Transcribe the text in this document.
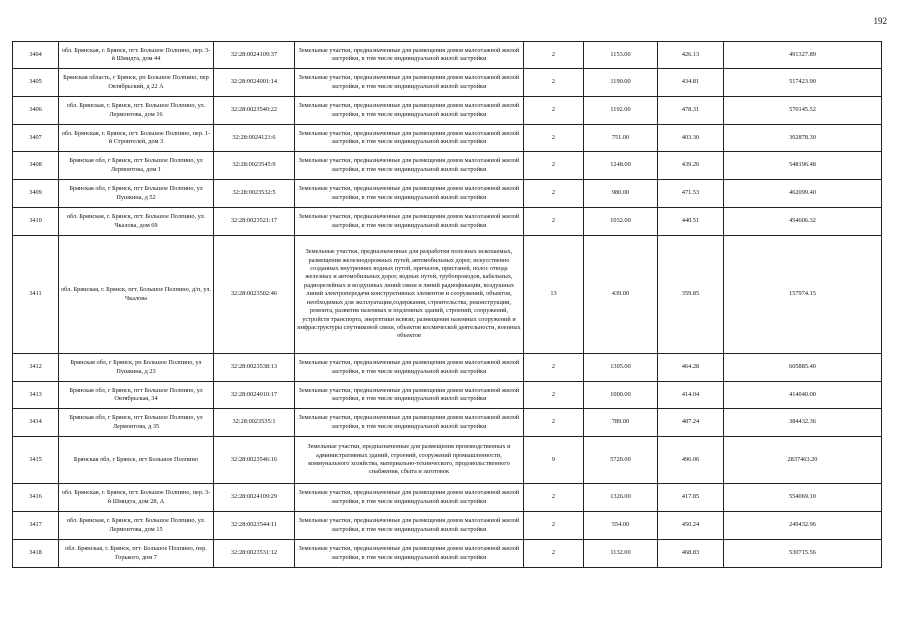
192
3404	обл. Брянская, г. Брянск, пгт. Большое Полпино, пер. 3-й Шмидта, дом 44	32:28:0024109:37	Земельные участки, предназначенные для размещения домов малоэтажной жилой застройки, в том числе индивидуальной жилой застройки	2	1153.00	426.13	491327.89
3405	Брянская область, г Брянск, рп Большое Полпино, пер Октябрьский, д 22 А	32:28:0024001:14	Земельные участки, предназначенные для размещения домов малоэтажной жилой застройки, в том числе индивидуальной жилой застройки	2	1190.00	434.81	517423.90
3406	обл. Брянская, г. Брянск, пгт. Большое Полпино, ул. Лермонтова, дом 16	32:28:0023540:22	Земельные участки, предназначенные для размещения домов малоэтажной жилой застройки, в том числе индивидуальной жилой застройки	2	1192.00	478.31	570145.52
3407	обл. Брянская, г. Брянск, пгт. Большое Полпино, пер. 1-й Строителей, дом 3	32:28:0024121:6	Земельные участки, предназначенные для размещения домов малоэтажной жилой застройки, в том числе индивидуальной жилой застройки	2	751.00	403.30	302878.30
3408	Брянская обл, г Брянск, пгт Большое Полпино, ул Лермонтова, дом 1	32:28:0023545:9	Земельные участки, предназначенные для размещения домов малоэтажной жилой застройки, в том числе индивидуальной жилой застройки	2	1248.00	439.26	548196.48
3409	Брянская обл, г Брянск, пгт Большое Полпино, ул Пушкина, д 52	32:28:0023532:5	Земельные участки, предназначенные для размещения домов малоэтажной жилой застройки, в том числе индивидуальной жилой застройки	2	980.00	471.53	462099.40
3410	обл. Брянская, г. Брянск, пгт. Большое Полпино, ул. Чкалова, дом 69	32:28:0023521:17	Земельные участки, предназначенные для размещения домов малоэтажной жилой застройки, в том числе индивидуальной жилой застройки	2	1032.00	440.51	454606.32
3411	обл. Брянская, г. Брянск, пгт. Большое Полпино, д/п, ул. Чкалова	32:28:0023502:46	Земельные участки, предназначенные для разработки полезных ископаемых, размещения железнодорожных путей, автомобильных дорог, искусственно созданных внутренних водных путей, причалов, пристаней, полос отвода железных и автомобильных дорог, водных путей, трубопроводов, кабельных, радиорелейных и воздушных линий связи и линий радиофикации, воздушных линий электропередачи конструктивных элементов и сооружений, объектов, необходимых для эксплуатации,содержания, строительства, реконструкции, ремонта, развития наземных и подземных зданий, строений, сооружений, устройств транспорта, энергетики исвязи; размещения наземных сооружений и инфраструктуры спутниковой связи, объектов космической деятельности, военных объектов	13	439.00	359.85	157974.15
3412	Брянская обл, г Брянск, рп Большое Полпино, ул Пушкина, д 23	32:28:0023538:13	Земельные участки, предназначенные для размещения домов малоэтажной жилой застройки, в том числе индивидуальной жилой застройки	2	1305.00	464.28	605885.40
3413	Брянская обл, г Брянск, пгт Большое Полпино, ул Октябрьская, 34	32:28:0024010:17	Земельные участки, предназначенные для размещения домов малоэтажной жилой застройки, в том числе индивидуальной жилой застройки	2	1000.00	414.04	414040.00
3414	Брянская обл, г Брянск, пгт Большое Полпино, ул Лермонтова, д 35	32:28:0023535:1	Земельные участки, предназначенные для размещения домов малоэтажной жилой застройки, в том числе индивидуальной жилой застройки	2	789.00	487.24	384432.36
3415	Брянская обл, г Брянск, пгт Большое Полпино	32:28:0023546:16	Земельные участки, предназначенные для размещения производственных и административных зданий, строений, сооружений промышленности, коммунального хозяйства, материально-технического, продовольственного снабжения, сбыта и заготовок	9	5720.00	496.06	2837463.20
3416	обл. Брянская, г. Брянск, пгт. Большое Полпино, пер. 3-й Шмидта, дом 28, А	32:28:0024109:29	Земельные участки, предназначенные для размещения домов малоэтажной жилой застройки, в том числе индивидуальной жилой застройки	2	1326.00	417.85	554069.10
3417	обл. Брянская, г. Брянск, пгт. Большое Полпино, ул. Лермонтова, дом 15	32:28:0023544:11	Земельные участки, предназначенные для размещения домов малоэтажной жилой застройки, в том числе индивидуальной жилой застройки	2	554.00	450.24	249432.96
3418	обл. Брянская, г. Брянск, пгт. Большое Полпино, пер. Горького, дом 7	32:28:0023531:12	Земельные участки, предназначенные для размещения домов малоэтажной жилой застройки, в том числе индивидуальной жилой застройки	2	1132.00	468.83	530715.56
